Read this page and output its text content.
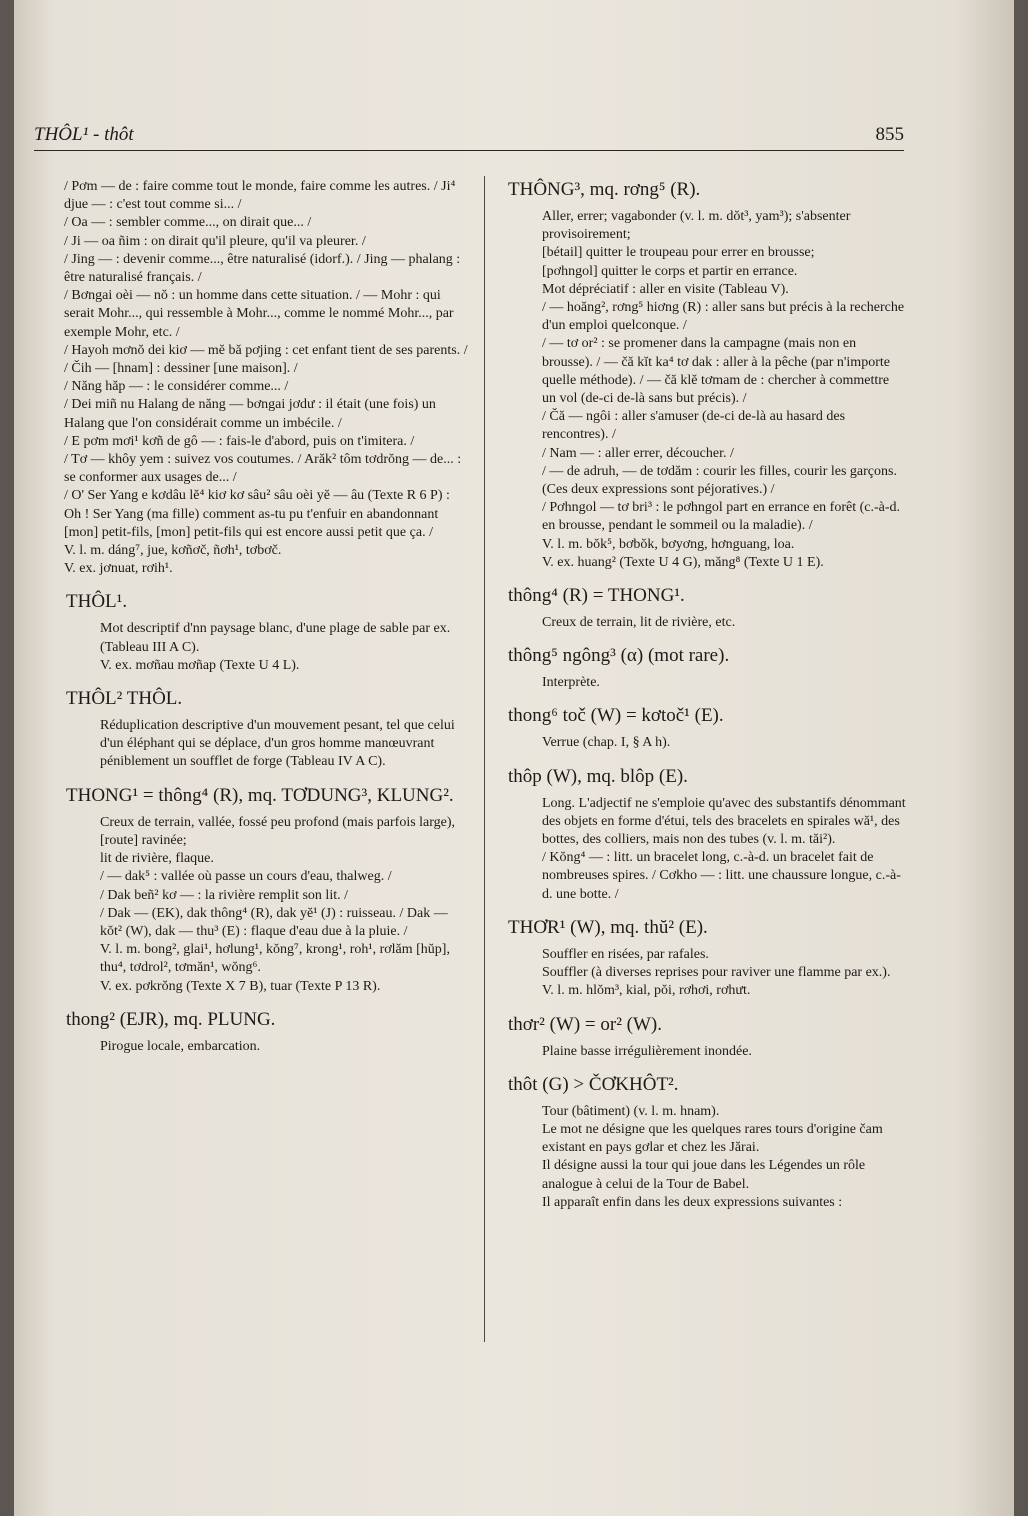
THÔL¹ - thôt	855

/ Pơm — de : faire comme tout le monde, faire comme les autres. / Ji⁴ djue — : c'est tout comme si... /

/ Oa — : sembler comme..., on dirait que... /

/ Ji — oa ñim : on dirait qu'il pleure, qu'il va pleurer. /

/ Jing — : devenir comme..., être naturalisé (idorf.). / Jing — phalang : être naturalisé français. /

/ Bơngai oèi — nŏ : un homme dans cette situation. / — Mohr : qui serait Mohr..., qui ressemble à Mohr..., comme le nommé Mohr..., par exemple Mohr, etc. /

/ Hayoh mơnŏ dei kiơ — mĕ bă pơjing : cet enfant tient de ses parents. /

/ Čih — [hnam] : dessiner [une maison]. /

/ Năng hăp — : le considérer comme... /

/ Dei miñ nu Halang de năng — bơngai jơdư : il était (une fois) un Halang que l'on considérait comme un imbécile. /

/ E pơm mơi¹ kơñ de gô — : fais-le d'abord, puis on t'imitera. /

/ Tơ — khôy yem : suivez vos coutumes. / Arăk² tôm tơdrŏng — de... : se conformer aux usages de... /

/ O' Ser Yang e kơdâu lĕ⁴ kiơ kơ sâu² sâu oèi yĕ — âu (Texte R 6 P) : Oh ! Ser Yang (ma fille) comment as-tu pu t'enfuir en abandonnant [mon] petit-fils, [mon] petit-fils qui est encore aussi petit que ça. /

V. l. m. dáng⁷, jue, kơñơč, ñơh¹, tơbơč.

V. ex. jơnuat, rơih¹.

THÔL¹.

Mot descriptif d'nn paysage blanc, d'une plage de sable par ex. (Tableau III A C).

V. ex. mơñau mơñap (Texte U 4 L).

THÔL² THÔL.

Réduplication descriptive d'un mouvement pesant, tel que celui d'un éléphant qui se déplace, d'un gros homme manœuvrant péniblement un soufflet de forge (Tableau IV A C).

THONG¹ = thông⁴ (R), mq. TƠDUNG³, KLUNG².

Creux de terrain, vallée, fossé peu profond (mais parfois large), [route] ravinée;

lit de rivière, flaque.

/ — dak⁵ : vallée où passe un cours d'eau, thalweg. /

/ Dak beñ² kơ — : la rivière remplit son lit. /

/ Dak — (EK), dak thông⁴ (R), dak yĕ¹ (J) : ruisseau. / Dak — kŏt² (W), dak — thu³ (E) : flaque d'eau due à la pluie. /

V. l. m. bong², glai¹, hơlung¹, kŏng⁷, krong¹, roh¹, rơlăm [hŭp], thu⁴, tơdrol², tơmăn¹, wŏng⁶.

V. ex. pơkrŏng (Texte X 7 B), tuar (Texte P 13 R).

thong² (EJR), mq. PLUNG.

Pirogue locale, embarcation.

THÔNG³, mq. rơng⁵ (R).

Aller, errer; vagabonder (v. l. m. dŏt³, yam³); s'absenter provisoirement;

[bétail] quitter le troupeau pour errer en brousse;

[pơhngol] quitter le corps et partir en errance.

Mot dépréciatif : aller en visite (Tableau V).

/ — hoăng², rơng⁵ hiơng (R) : aller sans but précis à la recherche d'un emploi quelconque. /

/ — tơ or² : se promener dans la campagne (mais non en brousse). / — čă kĭt ka⁴ tơ dak : aller à la pêche (par n'importe quelle méthode). / — čă klĕ tơmam de : chercher à commettre un vol (de-ci de-là sans but précis). /

/ Čă — ngôi : aller s'amuser (de-ci de-là au hasard des rencontres). /

/ Nam — : aller errer, découcher. /

/ — de adruh, — de tơdăm : courir les filles, courir les garçons. (Ces deux expressions sont péjoratives.) /

/ Pơhngol — tơ bri³ : le pơhngol part en errance en forêt (c.-à-d. en brousse, pendant le sommeil ou la maladie). /

V. l. m. bŏk⁵, bơbŏk, bơyơng, hơnguang, loa.

V. ex. huang² (Texte U 4 G), măng⁸ (Texte U 1 E).

thông⁴ (R) = THONG¹.

Creux de terrain, lit de rivière, etc.

thông⁵ ngông³ (α) (mot rare).

Interprète.

thong⁶ toč (W) = kơtoč¹ (E).

Verrue (chap. I, § A h).

thôp (W), mq. blôp (E).

Long. L'adjectif ne s'emploie qu'avec des substantifs dénommant des objets en forme d'étui, tels des bracelets en spirales wă¹, des bottes, des colliers, mais non des tubes (v. l. m. tăi²).

/ Kŏng⁴ — : litt. un bracelet long, c.-à-d. un bracelet fait de nombreuses spires. / Cơkho — : litt. une chaussure longue, c.-à-d. une botte. /

THƠR¹ (W), mq. thŭ² (E).

Souffler en risées, par rafales.

Souffler (à diverses reprises pour raviver une flamme par ex.).

V. l. m. hlŏm³, kial, pŏi, rơhơi, rơhưt.

thơr² (W) = or² (W).

Plaine basse irrégulièrement inondée.

thôt (G) > ČƠKHÔT².

Tour (bâtiment) (v. l. m. hnam).

Le mot ne désigne que les quelques rares tours d'origine čam existant en pays gơlar et chez les Jărai.

Il désigne aussi la tour qui joue dans les Légendes un rôle analogue à celui de la Tour de Babel.

Il apparaît enfin dans les deux expressions suivantes :
